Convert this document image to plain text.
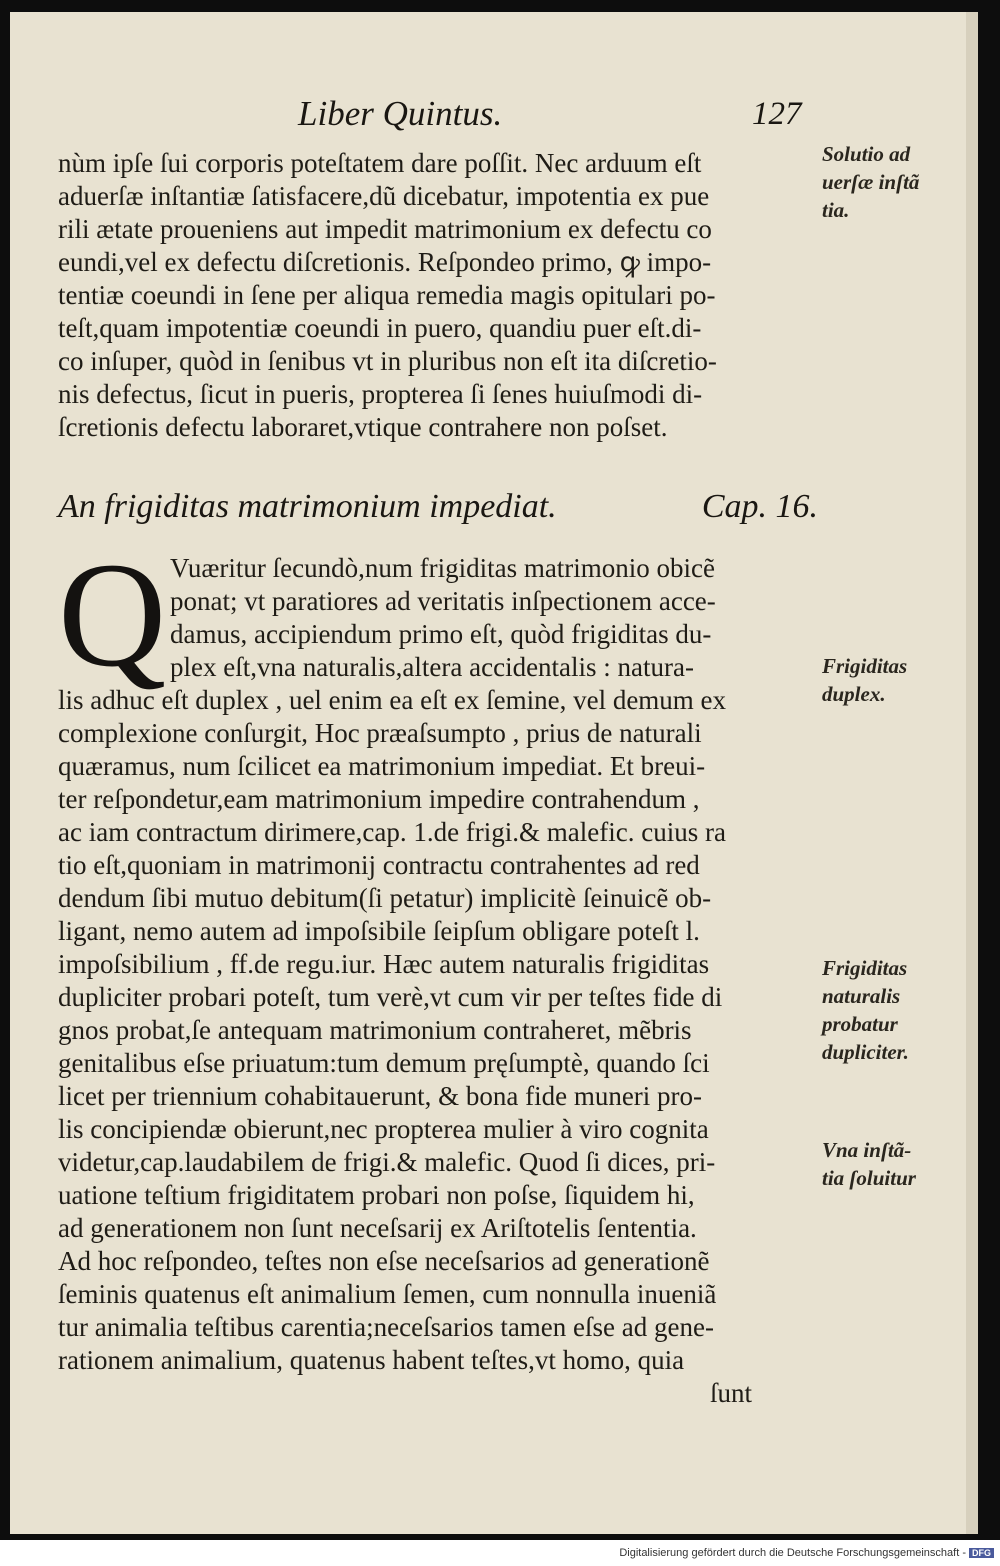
Liber Quintus.	127
nùm ipſe ſui corporis poteſtatem dare poſſit. Nec arduum eſt
aduerſæ inſtantiæ ſatisfacere,dũ dicebatur, impotentia ex pue
rili ætate proueniens aut impedit matrimonium ex defectu co
eundi,vel ex defectu diſcretionis. Reſpondeo primo, ꝙ impo-
tentiæ coeundi in ſene per aliqua remedia magis opitulari po-
teſt,quam impotentiæ coeundi in puero, quandiu puer eſt.di-
co inſuper, quòd in ſenibus vt in pluribus non eſt ita diſcretio-
nis defectus, ſicut in pueris, propterea ſi ſenes huiuſmodi di-
ſcretionis defectu laboraret,vtique contrahere non poſset.
An frigiditas matrimonium impediat.	Cap. 16.
Q Vuæritur ſecundò,num frigiditas matrimonio obicẽ
ponat; vt paratiores ad veritatis inſpectionem acce-
damus, accipiendum primo eſt, quòd frigiditas du-
plex eſt,vna naturalis,altera accidentalis : natura-
lis adhuc eſt duplex , uel enim ea eſt ex ſemine, vel demum ex
complexione conſurgit, Hoc præaſsumpto , prius de naturali
quæramus, num ſcilicet ea matrimonium impediat. Et breui-
ter reſpondetur,eam matrimonium impedire contrahendum ,
ac iam contractum dirimere,cap. 1.de frigi.& malefic. cuius ra
tio eſt,quoniam in matrimonij contractu contrahentes ad red
dendum ſibi mutuo debitum(ſi petatur) implicitè ſeinuicẽ ob-
ligant, nemo autem ad impoſsibile ſeipſum obligare poteſt l.
impoſsibilium , ff.de regu.iur. Hæc autem naturalis frigiditas
dupliciter probari poteſt, tum verè,vt cum vir per teſtes fide di
gnos probat,ſe antequam matrimonium contraheret, mẽbris
genitalibus eſse priuatum:tum demum pręſumptè, quando ſci
licet per triennium cohabitauerunt, & bona fide muneri pro-
lis concipiendæ obierunt,nec propterea mulier à viro cognita
videtur,cap.laudabilem de frigi.& malefic. Quod ſi dices, pri-
uatione teſtium frigiditatem probari non poſse, ſiquidem hi,
ad generationem non ſunt neceſsarij ex Ariſtotelis ſententia.
Ad hoc reſpondeo, teſtes non eſse neceſsarios ad generationẽ
ſeminis quatenus eſt animalium ſemen, cum nonnulla inueniã
tur animalia teſtibus carentia;neceſsarios tamen eſse ad gene-
rationem animalium, quatenus habent teſtes,vt homo, quia
ſunt
Solutio ad
uerſæ inſtã
tia.
Frigiditas
duplex.
Frigiditas
naturalis
probatur
dupliciter.
Vna inſtã-
tia ſoluitur
Digitalisierung gefördert durch die Deutsche Forschungsgemeinschaft - DFG
